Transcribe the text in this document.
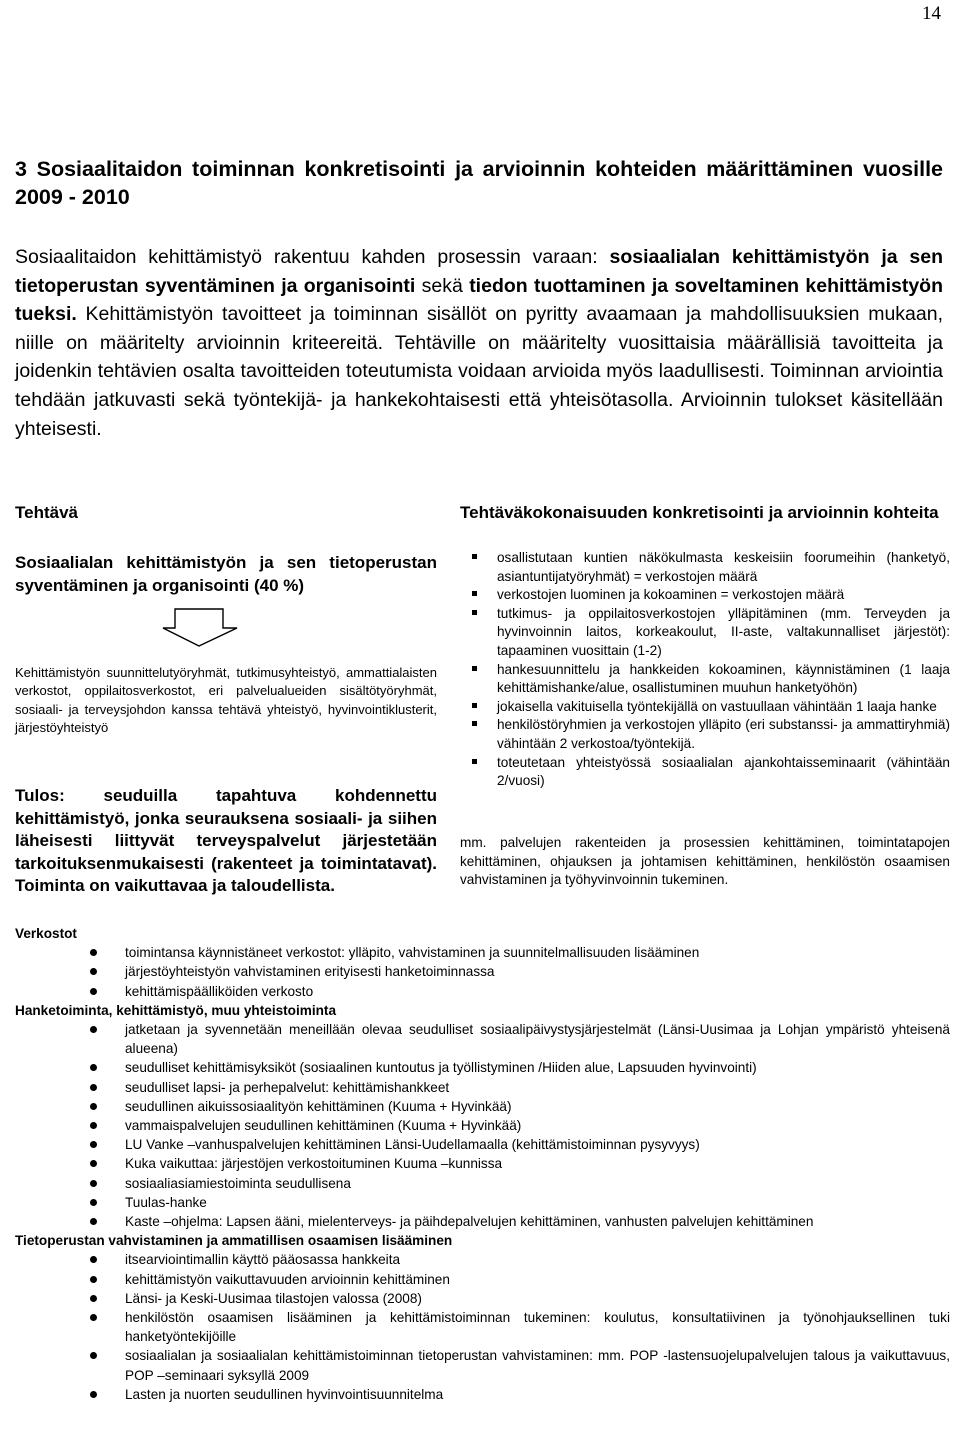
14
3 Sosiaalitaidon toiminnan konkretisointi ja arvioinnin kohteiden määrittäminen vuosille 2009 - 2010
Sosiaalitaidon kehittämistyö rakentuu kahden prosessin varaan: sosiaalialan kehittämistyön ja sen tietoperustan syventäminen ja organisointi sekä tiedon tuottaminen ja soveltaminen kehittämistyön tueksi. Kehittämistyön tavoitteet ja toiminnan sisällöt on pyritty avaamaan ja mahdollisuuksien mukaan, niille on määritelty arvioinnin kriteereitä. Tehtäville on määritelty vuosittaisia määrällisiä tavoitteita ja joidenkin tehtävien osalta tavoitteiden toteutumista voidaan arvioida myös laadullisesti. Toiminnan arviointia tehdään jatkuvasti sekä työntekijä- ja hankekohtaisesti että yhteisötasolla. Arvioinnin tulokset käsitellään yhteisesti.
Tehtävä
Sosiaalialan kehittämistyön ja sen tietoperustan syventäminen ja organisointi (40 %)
Kehittämistyön suunnittelutyöryhmät, tutkimusyhteistyö, ammattialaisten verkostot, oppilaitosverkostot, eri palvelualueiden sisältötyöryhmät, sosiaali- ja terveysjohdon kanssa tehtävä yhteistyö, hyvinvointiklusterit, järjestöyhteistyö
Tulos: seuduilla tapahtuva kohdennettu kehittämistyö, jonka seurauksena sosiaali- ja siihen läheisesti liittyvät terveyspalvelut järjestetään tarkoituksenmukaisesti (rakenteet ja toimintatavat). Toiminta on vaikuttavaa ja taloudellista.
Tehtäväkokonaisuuden konkretisointi ja arvioinnin kohteita
osallistutaan kuntien näkökulmasta keskeisiin foorumeihin (hanketyö, asiantuntijatyöryhmät) = verkostojen määrä
verkostojen luominen ja kokoaminen = verkostojen määrä
tutkimus- ja oppilaitosverkostojen ylläpitäminen (mm. Terveyden ja hyvinvoinnin laitos, korkeakoulut, II-aste, valtakunnalliset järjestöt): tapaaminen vuosittain (1-2)
hankesuunnittelu ja hankkeiden kokoaminen, käynnistäminen (1 laaja kehittämishanke/alue, osallistuminen muuhun hanketyöhön)
jokaisella vakituisella työntekijällä on vastuullaan vähintään 1 laaja hanke
henkilöstöryhmien ja verkostojen ylläpito (eri substanssi- ja ammattiryhmiä) vähintään 2 verkostoa/työntekijä.
toteutetaan yhteistyössä sosiaalialan ajankohtaisseminaarit (vähintään 2/vuosi)
mm. palvelujen rakenteiden ja prosessien kehittäminen, toimintatapojen kehittäminen, ohjauksen ja johtamisen kehittäminen, henkilöstön osaamisen vahvistaminen ja työhyvinvoinnin tukeminen.
Verkostot
toimintansa käynnistäneet verkostot: ylläpito, vahvistaminen ja suunnitelmallisuuden lisääminen
järjestöyhteistyön vahvistaminen erityisesti hanketoiminnassa
kehittämispäälliköiden verkosto
Hanketoiminta, kehittämistyö, muu yhteistoiminta
jatketaan ja syvennetään meneillään olevaa seudulliset sosiaalipäivystysjärjestelmät (Länsi-Uusimaa ja Lohjan ympäristö yhteisenä alueena)
seudulliset kehittämisyksiköt (sosiaalinen kuntoutus ja työllistyminen /Hiiden alue, Lapsuuden hyvinvointi)
seudulliset lapsi- ja perhepalvelut: kehittämishankkeet
seudullinen aikuissosiaalityön kehittäminen (Kuuma + Hyvinkää)
vammaispalvelujen seudullinen kehittäminen (Kuuma + Hyvinkää)
LU Vanke –vanhuspalvelujen kehittäminen Länsi-Uudellamaalla (kehittämistoiminnan pysyvyys)
Kuka vaikuttaa: järjestöjen verkostoituminen Kuuma –kunnissa
sosiaaliasiamiestoiminta seudullisena
Tuulas-hanke
Kaste –ohjelma: Lapsen ääni, mielenterveys- ja päihdepalvelujen kehittäminen, vanhusten palvelujen kehittäminen
Tietoperustan vahvistaminen ja ammatillisen osaamisen lisääminen
itsearviointimallin käyttö pääosassa hankkeita
kehittämistyön vaikuttavuuden arvioinnin kehittäminen
Länsi- ja Keski-Uusimaa tilastojen valossa (2008)
henkilöstön osaamisen lisääminen ja kehittämistoiminnan tukeminen: koulutus, konsultatiivinen ja työnohjauksellinen tuki hanketyöntekijöille
sosiaalialan ja sosiaalialan kehittämistoiminnan tietoperustan vahvistaminen: mm. POP -lastensuojelupalvelujen talous ja vaikuttavuus, POP –seminaari syksyllä 2009
Lasten ja nuorten seudullinen hyvinvointisuunnitelma
